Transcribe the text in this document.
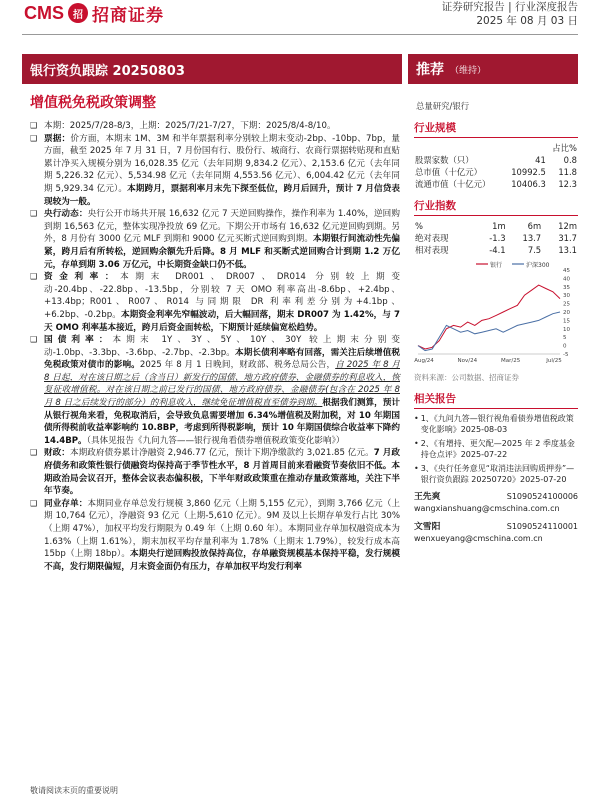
CMS 招 招商证券	证券研究报告 | 行业深度报告
2025 年 08 月 03 日
银行资负跟踪 20250803	推荐 （维持）
增值税免税政策调整
❑ 本期：2025/7/28-8/3，上期：2025/7/21-7/27，下期：2025/8/4-8/10。
❑ 票据：价方面，本期末 1M、3M 和半年票据利率分别较上期末变动-2bp、-10bp、7bp，量方面，截至 2025 年 7 月 31 日，7 月份国有行、股份行、城商行、农商行票据转贴现和直贴累计净买入规模分别为 16,028.35 亿元（去年同期 9,834.2 亿元）、2,153.6 亿元（去年同期 5,226.32 亿元）、5,534.98 亿元（去年同期 4,553.56 亿元）、6,004.42 亿元（去年同期 5,929.34 亿元）。本期跨月，票据利率月末先下探至低位，跨月后回升，预计 7 月信贷表现较为一般。
❑ 央行动态：央行公开市场共开展 16,632 亿元 7 天逆回购操作，操作利率为 1.40%，逆回购到期 16,563 亿元，整体实现净投放 69 亿元。下期公开市场有 16,632 亿元逆回购到期。另外，8 月份有 3000 亿元 MLF 到期和 9000 亿元买断式逆回购到期。本期银行间流动性先偏紧，跨月后有所转松，逆回购余额先升后降。8 月 MLF 和买断式逆回购合计到期 1.2 万亿元，存单到期 3.06 万亿元，中长期资金缺口仍不低。
❑ 资金利率：本期末 DR001、DR007、DR014 分别较上期变动-20.4bp、-22.8bp、-13.5bp，分别较 7 天 OMO 利率高出-8.6bp、+2.4bp、+13.4bp；R001、R007、R014 与同期限 DR 利率利差分别为+4.1bp、+6.2bp、-0.2bp。本期资金利率先窄幅波动，后大幅回落，期末 DR007 为 1.42%，与 7 天 OMO 利率基本接近，跨月后资金面转松，下期预计延续偏宽松趋势。
❑ 国债利率：本期末 1Y、3Y、5Y、10Y、30Y 较上期末分别变动-1.0bp、-3.3bp、-3.6bp、-2.7bp、-2.3bp。本期长债利率略有回落，需关注后续增值税免税政策对债市的影响。2025 年 8 月 1 日晚间，财政部、税务总局公告，自 2025 年 8 月 8 日起，对在该日期之后（含当日）新发行的国债、地方政府债券、金融债券的利息收入，恢复征收增值税。对在该日期之前已发行的国债、地方政府债券、金融债券(包含在 2025 年 8 月 8 日之后续发行的部分）的利息收入，继续免征增值税直至债券到期。根据我们测算，预计从银行视角来看，免税取消后，会导致负息需要增加 6.34%增值税及附加税，对 10 年期国债所得税前收益率影响约 10.8BP，考虑到所得税影响，预计 10 年期国债综合收益率下降约 14.4BP。（具体见报告《九问九答——银行视角看债券增值税政策变化影响》）
❑ 财政：本期政府债券累计净融资 2,946.77 亿元，预计下期净缴款约 3,021.85 亿元。7 月政府债务和政策性银行债融资均保持高于季节性水平，8 月首周目前来看融资节奏依旧不低。本期政治局会议召开，整体会议表态偏积极，下半年财政政策重在推动存量政策落地，关注下半年节奏。
❑ 同业存单：本期同业存单总发行规模 3,860 亿元（上期 5,155 亿元），到期 3,766 亿元（上期 10,764 亿元），净融资 93 亿元（上期-5,610 亿元）。9M 及以上长期存单发行占比 30%（上期 47%），加权平均发行期限为 0.49 年（上期 0.60 年）。本期同业存单加权融资成本为 1.63%（上期 1.61%），期末加权平均存量利率为 1.78%（上期末 1.79%），较发行成本高 15bp（上期 18bp）。本期央行逆回购投放保持高位，存单融资规模基本保持平稳，发行规模不高，发行期限偏短，月末资金面仍有压力，存单加权平均发行利率
总量研究/银行
行业规模
		占比%
股票家数（只）	41	0.8
总市值（十亿元）	10992.5	11.8
流通市值（十亿元）	10406.3	12.3
行业指数
%	1m	6m	12m
绝对表现	-1.3	13.7	31.7
相对表现	-4.1	7.5	13.1
银行	沪深300
45
40
35
30
25
20
15
10
5
0
-5
Aug/24	Nov/24	Mar/25	Jul/25
资料来源：公司数据、招商证券
相关报告
• 1、《九问九答—银行视角看债券增值税政策变化影响》2025-08-03
• 2、《有增持、更欠配—2025 年 2 季度基金持仓点评》2025-07-22
• 3、《央行任务意见“取消违法回购质押券”—银行资负跟踪 20250720》2025-07-20
王先爽	S1090524100006
wangxianshuang@cmschina.com.cn
文雪阳	S1090524110001
wenxueyang@cmschina.com.cn
敬请阅读末页的重要说明
